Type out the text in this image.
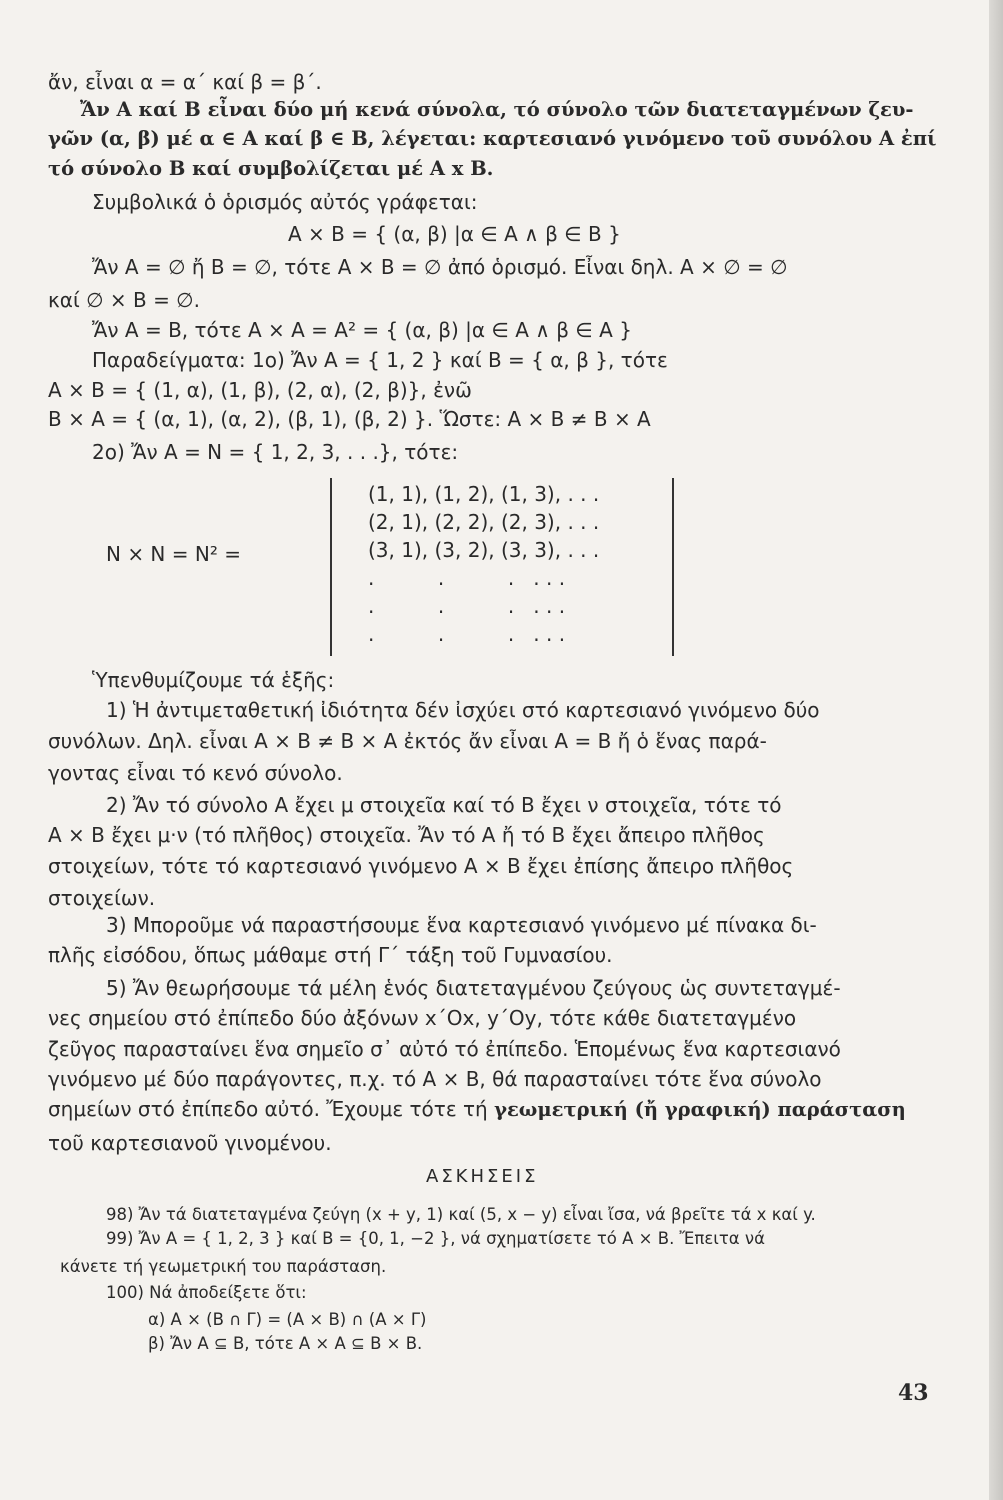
ἄν, εἶναι α = α΄ καί β = β΄.
Ἄν A καί B εἶναι δύο μή κενά σύνολα, τό σύνολο τῶν διατεταγμένων ζευ-
γῶν (α, β) μέ α ∈ A καί β ∈ B, λέγεται: καρτεσιανό γινόμενο τοῦ συνόλου A ἐπί
τό σύνολο B καί συμβολίζεται μέ A x B.
Συμβολικά ὁ ὁρισμός αὐτός γράφεται:
A × B = { (α, β) |α ∈ A ∧ β ∈ B }
Ἄν A = ∅ ἤ B = ∅, τότε A × B = ∅ ἀπό ὁρισμό. Εἶναι δηλ. A × ∅ = ∅
καί ∅ × B = ∅.
Ἄν A = B, τότε A × A = A² = { (α, β) |α ∈ A ∧ β ∈ A }
Παραδείγματα: 1ο) Ἄν A = { 1, 2 } καί B = { α, β }, τότε
A × B = { (1, α), (1, β), (2, α), (2, β)}, ἐνῶ
B × A = { (α, 1), (α, 2), (β, 1), (β, 2) }. Ὥστε: A × B ≠ B × A
2ο) Ἄν A = N = { 1, 2, 3, . . .}, τότε:
N × N = N² =
(1, 1), (1, 2), (1, 3), . . .
(2, 1), (2, 2), (2, 3), . . .
(3, 1), (3, 2), (3, 3), . . .
.          .          .   . . .
.          .          .   . . .
.          .          .   . . .
Ὑπενθυμίζουμε τά ἑξῆς:
1) Ἡ ἀντιμεταθετική ἰδιότητα δέν ἰσχύει στό καρτεσιανό γινόμενο δύο
συνόλων. Δηλ. εἶναι A × B ≠ B × A ἐκτός ἄν εἶναι A = B ἤ ὁ ἕνας παρά-
γοντας εἶναι τό κενό σύνολο.
2) Ἄν τό σύνολο A ἔχει μ στοιχεῖα καί τό B ἔχει ν στοιχεῖα, τότε τό
A × B ἔχει μ·ν (τό πλῆθος) στοιχεῖα. Ἄν τό A ἤ τό B ἔχει ἄπειρο πλῆθος
στοιχείων, τότε τό καρτεσιανό γινόμενο A × B ἔχει ἐπίσης ἄπειρο πλῆθος
στοιχείων.
3) Μποροῦμε νά παραστήσουμε ἕνα καρτεσιανό γινόμενο μέ πίνακα δι-
πλῆς εἰσόδου, ὅπως μάθαμε στή Γ΄ τάξη τοῦ Γυμνασίου.
5) Ἄν θεωρήσουμε τά μέλη ἑνός διατεταγμένου ζεύγους ὡς συντεταγμέ-
νες σημείου στό ἐπίπεδο δύο ἀξόνων x΄Ox, y΄Oy, τότε κάθε διατεταγμένο
ζεῦγος παρασταίνει ἕνα σημεῖο σ᾽ αὐτό τό ἐπίπεδο. Ἑπομένως ἕνα καρτεσιανό
γινόμενο μέ δύο παράγοντες, π.χ. τό A × B, θά παρασταίνει τότε ἕνα σύνολο
σημείων στό ἐπίπεδο αὐτό. Ἔχουμε τότε τή γεωμετρική (ἤ γραφική) παράσταση
τοῦ καρτεσιανοῦ γινομένου.
ΑΣΚΗΣΕΙΣ
98) Ἄν τά διατεταγμένα ζεύγη (x + y, 1) καί (5, x − y) εἶναι ἴσα, νά βρεῖτε τά x καί y.
99) Ἄν A = { 1, 2, 3 } καί B = {0, 1, −2 }, νά σχηματίσετε τό A × B. Ἔπειτα νά
κάνετε τή γεωμετρική του παράσταση.
100) Νά ἀποδείξετε ὅτι:
α) A × (B ∩ Γ) = (A × B) ∩ (A × Γ)
β) Ἄν A ⊆ B, τότε A × A ⊆ B × B.
43
